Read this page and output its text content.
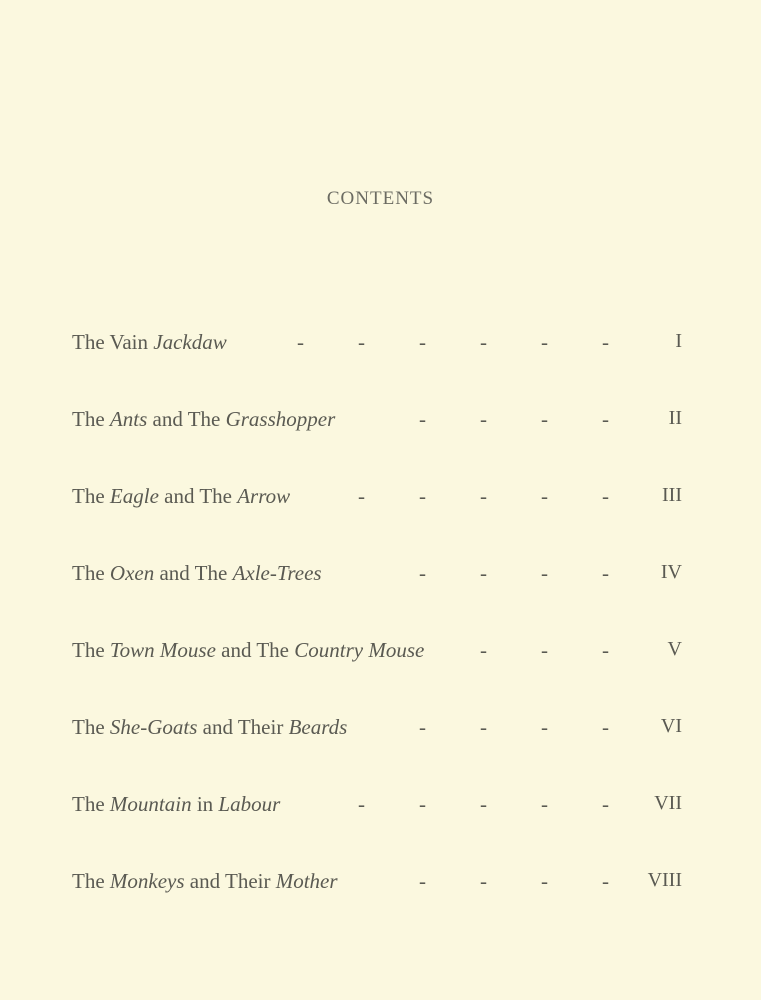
CONTENTS
The Vain Jackdaw	-	-	-	-	-	-	I
The Ants and The Grasshopper	-	-	-	-	II
The Eagle and The Arrow	-	-	-	-	-	III
The Oxen and The Axle-Trees	-	-	-	-	IV
The Town Mouse and The Country Mouse	-	-	-	V
The She-Goats and Their Beards	-	-	-	-	VI
The Mountain in Labour	-	-	-	-	-	VII
The Monkeys and Their Mother	-	-	-	-	VIII
